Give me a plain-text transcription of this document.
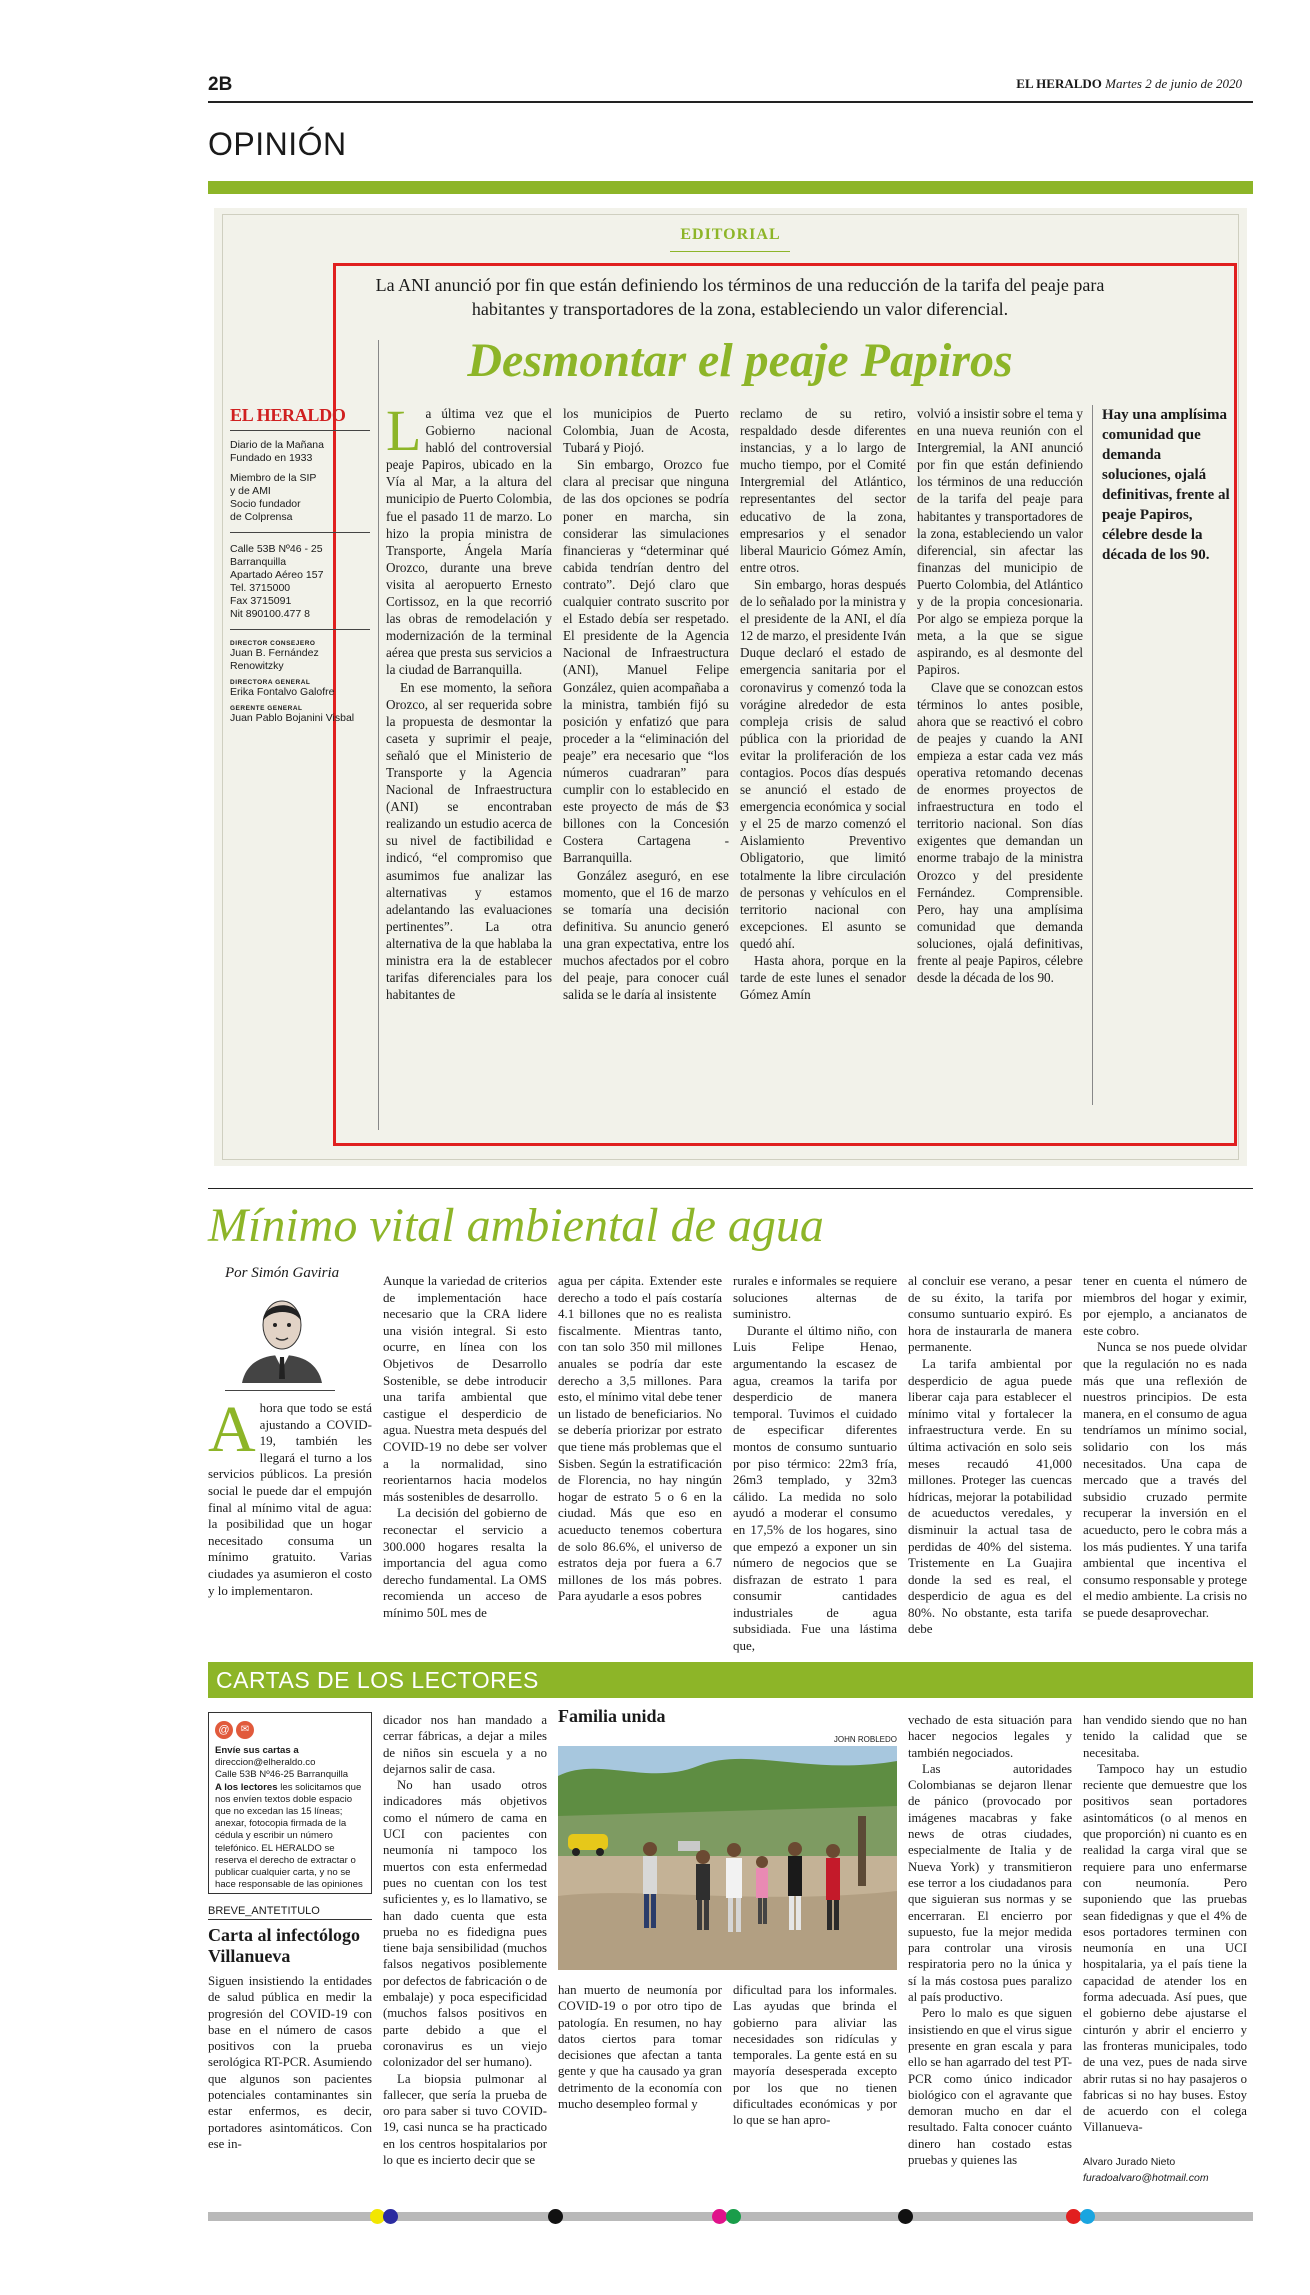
2B	EL HERALDO Martes 2 de junio de 2020
OPINIÓN
EDITORIAL
La ANI anunció por fin que están definiendo los términos de una reducción de la tarifa del peaje para habitantes y transportadores de la zona, estableciendo un valor diferencial.
Desmontar el peaje Papiros
EL HERALDO
Diario de la Mañana
Fundado en 1933
Miembro de la SIP
y de AMI
Socio fundador
de Colprensa
Calle 53B Nº46 - 25
Barranquilla
Apartado Aéreo 157
Tel. 3715000
Fax 3715091
Nit 890100.477 8
DIRECTOR CONSEJERO
Juan B. Fernández Renowitzky
DIRECTORA GENERAL
Erika Fontalvo Galofre
GERENTE GENERAL
Juan Pablo Bojanini Visbal

La última vez que el Gobierno nacional habló del controversial peaje Papiros, ubicado en la Vía al Mar, a la altura del municipio de Puerto Colombia, fue el pasado 11 de marzo. Lo hizo la propia ministra de Transporte, Ángela María Orozco, durante una breve visita al aeropuerto Ernesto Cortissoz, en la que recorrió las obras de remodelación y modernización de la terminal aérea que presta sus servicios a la ciudad de Barranquilla.

En ese momento, la señora Orozco, al ser requerida sobre la propuesta de desmontar la caseta y suprimir el peaje, señaló que el Ministerio de Transporte y la Agencia Nacional de Infraestructura (ANI) se encontraban realizando un estudio acerca de su nivel de factibilidad e indicó, “el compromiso que asumimos fue analizar las alternativas y estamos adelantando las evaluaciones pertinentes”. La otra alternativa de la que hablaba la ministra era la de establecer tarifas diferenciales para los habitantes de

los municipios de Puerto Colombia, Juan de Acosta, Tubará y Piojó.

Sin embargo, Orozco fue clara al precisar que ninguna de las dos opciones se podría poner en marcha, sin considerar las simulaciones financieras y “determinar qué cabida tendrían dentro del contrato”. Dejó claro que cualquier contrato suscrito por el Estado debía ser respetado. El presidente de la Agencia Nacional de Infraestructura (ANI), Manuel Felipe González, quien acompañaba a la ministra, también fijó su posición y enfatizó que para proceder a la “eliminación del peaje” era necesario que “los números cuadraran” para cumplir con lo establecido en este proyecto de más de $3 billones con la Concesión Costera Cartagena - Barranquilla.

González aseguró, en ese momento, que el 16 de marzo se tomaría una decisión definitiva. Su anuncio generó una gran expectativa, entre los muchos afectados por el cobro del peaje, para conocer cuál salida se le daría al insistente

reclamo de su retiro, respaldado desde diferentes instancias, y a lo largo de mucho tiempo, por el Comité Intergremial del Atlántico, representantes del sector educativo de la zona, empresarios y el senador liberal Mauricio Gómez Amín, entre otros.

Sin embargo, horas después de lo señalado por la ministra y el presidente de la ANI, el día 12 de marzo, el presidente Iván Duque declaró el estado de emergencia sanitaria por el coronavirus y comenzó toda la vorágine alrededor de esta compleja crisis de salud pública con la prioridad de evitar la proliferación de los contagios. Pocos días después se anunció el estado de emergencia económica y social y el 25 de marzo comenzó el Aislamiento Preventivo Obligatorio, que limitó totalmente la libre circulación de personas y vehículos en el territorio nacional con excepciones. El asunto se quedó ahí.

Hasta ahora, porque en la tarde de este lunes el senador Gómez Amín

volvió a insistir sobre el tema y en una nueva reunión con el Intergremial, la ANI anunció por fin que están definiendo los términos de una reducción de la tarifa del peaje para habitantes y transportadores de la zona, estableciendo un valor diferencial, sin afectar las finanzas del municipio de Puerto Colombia, del Atlántico y de la propia concesionaria. Por algo se empieza porque la meta, a la que se sigue aspirando, es al desmonte del Papiros.

Clave que se conozcan estos términos lo antes posible, ahora que se reactivó el cobro de peajes y cuando la ANI empieza a estar cada vez más operativa retomando decenas de enormes proyectos de infraestructura en todo el territorio nacional. Son días exigentes que demandan un enorme trabajo de la ministra Orozco y del presidente Fernández. Comprensible. Pero, hay una amplísima comunidad que demanda soluciones, ojalá definitivas, frente al peaje Papiros, célebre desde la década de los 90.

Hay una amplísima comunidad que demanda soluciones, ojalá definitivas, frente al peaje Papiros, célebre desde la década de los 90.
Mínimo vital ambiental de agua
Por Simón Gaviria

Ahora que todo se está ajustando a COVID-19, también les llegará el turno a los servicios públicos. La presión social le puede dar el empujón final al mínimo vital de agua: la posibilidad que un hogar necesitado consuma un mínimo gratuito. Varias ciudades ya asumieron el costo y lo implementaron.

Aunque la variedad de criterios de implementación hace necesario que la CRA lidere una visión integral. Si esto ocurre, en línea con los Objetivos de Desarrollo Sostenible, se debe introducir una tarifa ambiental que castigue el desperdicio de agua. Nuestra meta después del COVID-19 no debe ser volver a la normalidad, sino reorientarnos hacia modelos más sostenibles de desarrollo.

La decisión del gobierno de reconectar el servicio a 300.000 hogares resalta la importancia del agua como derecho fundamental. La OMS recomienda un acceso de mínimo 50L mes de

agua per cápita. Extender este derecho a todo el país costaría 4.1 billones que no es realista fiscalmente. Mientras tanto, con tan solo 350 mil millones anuales se podría dar este derecho a 3,5 millones. Para esto, el mínimo vital debe tener un listado de beneficiarios. No se debería priorizar por estrato que tiene más problemas que el Sisben. Según la estratificación de Florencia, no hay ningún hogar de estrato 5 o 6 en la ciudad. Más que eso en acueducto tenemos cobertura de solo 86.6%, el universo de estratos deja por fuera a 6.7 millones de los más pobres. Para ayudarle a esos pobres

rurales e informales se requiere soluciones alternas de suministro.

Durante el último niño, con Luis Felipe Henao, argumentando la escasez de agua, creamos la tarifa por desperdicio de manera temporal. Tuvimos el cuidado de especificar diferentes montos de consumo suntuario por piso térmico: 22m3 fría, 26m3 templado, y 32m3 cálido. La medida no solo ayudó a moderar el consumo en 17,5% de los hogares, sino que empezó a exponer un sin número de negocios que se disfrazan de estrato 1 para consumir cantidades industriales de agua subsidiada. Fue una lástima que,

al concluir ese verano, a pesar de su éxito, la tarifa por consumo suntuario expiró. Es hora de instaurarla de manera permanente.

La tarifa ambiental por desperdicio de agua puede liberar caja para establecer el mínimo vital y fortalecer la infraestructura verde. En su última activación en solo seis meses recaudó 41,000 millones. Proteger las cuencas hídricas, mejorar la potabilidad de acueductos veredales, y disminuir la actual tasa de perdidas de 40% del sistema. Tristemente en La Guajira donde la sed es real, el desperdicio de agua es del 80%. No obstante, esta tarifa debe

tener en cuenta el número de miembros del hogar y eximir, por ejemplo, a ancianatos de este cobro.

Nunca se nos puede olvidar que la regulación no es nada más que una reflexión de nuestros principios. De esta manera, en el consumo de agua tendríamos un mínimo social, solidario con los más necesitados. Una capa de mercado que a través del subsidio cruzado permite recuperar la inversión en el acueducto, pero le cobra más a los más pudientes. Y una tarifa ambiental que incentiva el consumo responsable y protege el medio ambiente. La crisis no se puede desaprovechar.

CARTAS DE LOS LECTORES
@	✉
Envíe sus cartas a
direccion@elheraldo.co
Calle 53B Nº46-25 Barranquilla
A los lectores les solicitamos que nos envíen textos doble espacio que no excedan las 15 líneas; anexar, fotocopia firmada de la cédula y escribir un número telefónico. EL HERALDO se reserva el derecho de extractar o publicar cualquier carta, y no se hace responsable de las opiniones
BREVE_ANTETITULO
Carta al infectólogo Villanueva

Siguen insistiendo la entidades de salud pública en medir la progresión del COVID-19 con base en el número de casos positivos con la prueba serológica RT-PCR. Asumiendo que algunos son pacientes potenciales contaminantes sin estar enfermos, es decir, portadores asintomáticos. Con ese in-

dicador nos han mandado a cerrar fábricas, a dejar a miles de niños sin escuela y a no dejarnos salir de casa.

No han usado otros indicadores más objetivos como el número de cama en UCI con pacientes con neumonía ni tampoco los muertos con esta enfermedad pues no cuentan con los test suficientes y, es lo llamativo, se han dado cuenta que esta prueba no es fidedigna pues tiene baja sensibilidad (muchos falsos negativos posiblemente por defectos de fabricación o de embalaje) y poca especificidad (muchos falsos positivos en parte debido a que el coronavirus es un viejo colonizador del ser humano).

La biopsia pulmonar al fallecer, que sería la prueba de oro para saber si tuvo COVID-19, casi nunca se ha practicado en los centros hospitalarios por lo que es incierto decir que se

Familia unida
JOHN ROBLEDO

han muerto de neumonía por COVID-19 o por otro tipo de patología. En resumen, no hay datos ciertos para tomar decisiones que afectan a tanta gente y que ha causado ya gran detrimento de la economía con mucho desempleo formal y

dificultad para los informales. Las ayudas que brinda el gobierno para aliviar las necesidades son ridículas y temporales. La gente está en su mayoría desesperada excepto por los que no tienen dificultades económicas y por lo que se han apro-

vechado de esta situación para hacer negocios legales y también negociados.

Las autoridades Colombianas se dejaron llenar de pánico (provocado por imágenes macabras y fake news de otras ciudades, especialmente de Italia y de Nueva York) y transmitieron ese terror a los ciudadanos para que siguieran sus normas y se encerraran. El encierro por supuesto, fue la mejor medida para controlar una virosis respiratoria pero no la única y sí la más costosa pues paralizo al país productivo.

Pero lo malo es que siguen insistiendo en que el virus sigue presente en gran escala y para ello se han agarrado del test PT-PCR como único indicador biológico con el agravante que demoran mucho en dar el resultado. Falta conocer cuánto dinero han costado estas pruebas y quienes las

han vendido siendo que no han tenido la calidad que se necesitaba.

Tampoco hay un estudio reciente que demuestre que los positivos sean portadores asintomáticos (o al menos en que proporción) ni cuanto es en realidad la carga viral que se requiere para uno enfermarse con neumonía. Pero suponiendo que las pruebas sean fidedignas y que el 4% de esos portadores terminen con neumonía en una UCI hospitalaria, ya el país tiene la capacidad de atender los en forma adecuada. Así pues, que el gobierno debe ajustarse el cinturón y abrir el encierro y las fronteras municipales, todo de una vez, pues de nada sirve abrir rutas si no hay pasajeros o fabricas si no hay buses. Estoy de acuerdo con el colega Villanueva-

Alvaro Jurado Nieto
furadoalvaro@hotmail.com
